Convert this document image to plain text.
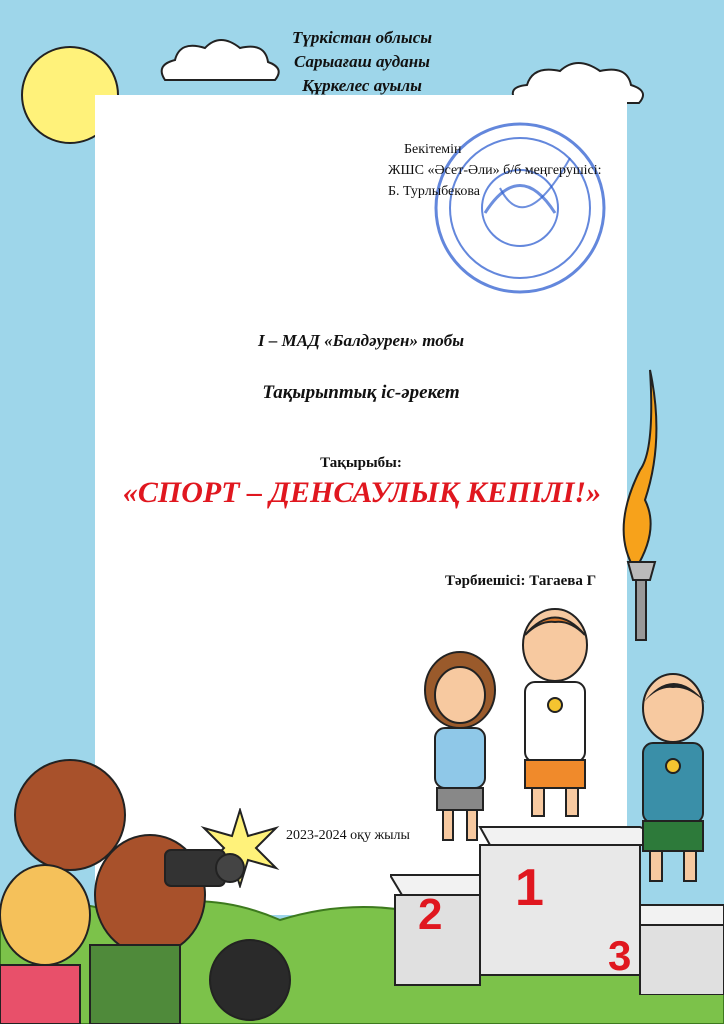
Түркістан облысы
Сарыағаш ауданы
Құркелес ауылы
Бекітемін
ЖШС «Әсет-Әли» б/б меңгерушісі:
Б. Турлыбекова
І – МАД «Балдәурен» тобы
Тақырыптық іс-әрекет
Тақырыбы:
«СПОРТ – ДЕНСАУЛЫҚ КЕПІЛІ!»
Тәрбиешісі: Тагаева Г
2023-2024 оқу жылы
1
2
3
